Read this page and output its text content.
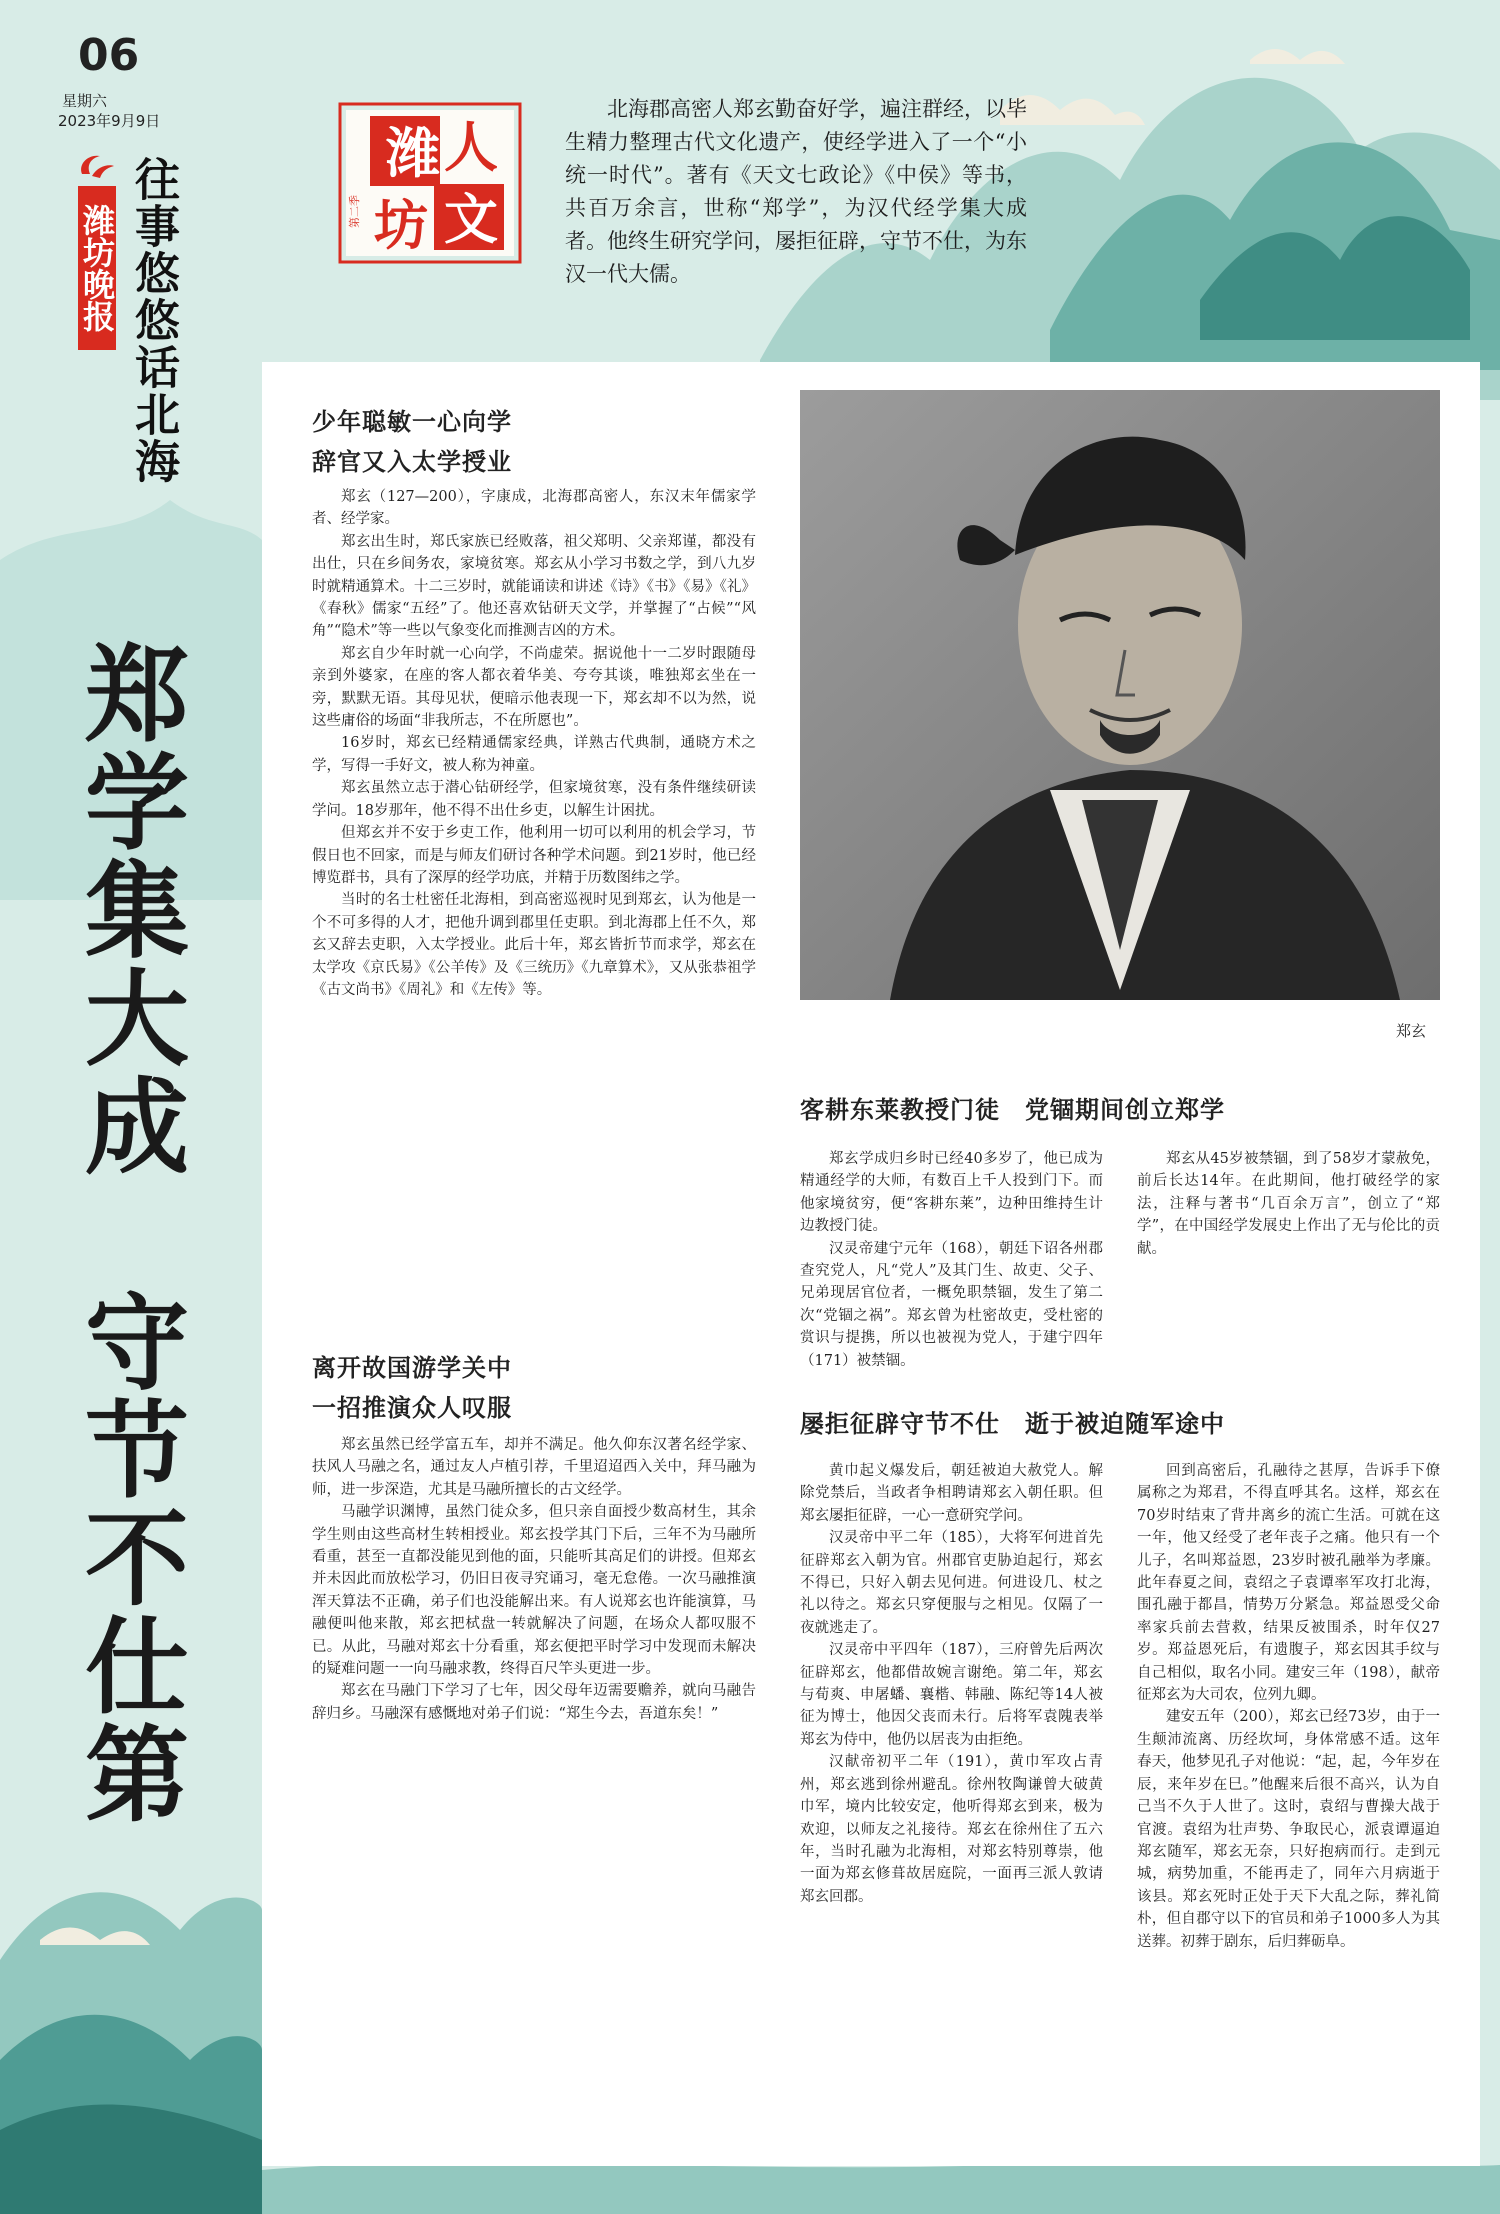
06
星期六
2023年9月9日
潍坊晚报 往事悠悠话北海
郑学集大成　守节不仕第
潍 人
坊 文
第二季
北海郡高密人郑玄勤奋好学，遍注群经，以毕生精力整理古代文化遗产，使经学进入了一个“小统一时代”。著有《天文七政论》《中侯》等书，共百万余言，世称“郑学”，为汉代经学集大成者。他终生研究学问，屡拒征辟，守节不仕，为东汉一代大儒。
少年聪敏一心向学
辞官又入太学授业

郑玄（127—200），字康成，北海郡高密人，东汉末年儒家学者、经学家。

郑玄出生时，郑氏家族已经败落，祖父郑明、父亲郑谨，都没有出仕，只在乡间务农，家境贫寒。郑玄从小学习书数之学，到八九岁时就精通算术。十二三岁时，就能诵读和讲述《诗》《书》《易》《礼》《春秋》儒家“五经”了。他还喜欢钻研天文学，并掌握了“占候”“风角”“隐术”等一些以气象变化而推测吉凶的方术。

郑玄自少年时就一心向学，不尚虚荣。据说他十一二岁时跟随母亲到外婆家，在座的客人都衣着华美、夸夸其谈，唯独郑玄坐在一旁，默默无语。其母见状，便暗示他表现一下，郑玄却不以为然，说这些庸俗的场面“非我所志，不在所愿也”。

16岁时，郑玄已经精通儒家经典，详熟古代典制，通晓方术之学，写得一手好文，被人称为神童。

郑玄虽然立志于潜心钻研经学，但家境贫寒，没有条件继续研读学问。18岁那年，他不得不出仕乡吏，以解生计困扰。

但郑玄并不安于乡吏工作，他利用一切可以利用的机会学习，节假日也不回家，而是与师友们研讨各种学术问题。到21岁时，他已经博览群书，具有了深厚的经学功底，并精于历数图纬之学。

当时的名士杜密任北海相，到高密巡视时见到郑玄，认为他是一个不可多得的人才，把他升调到郡里任吏职。到北海郡上任不久，郑玄又辞去吏职，入太学授业。此后十年，郑玄皆折节而求学，郑玄在太学攻《京氏易》《公羊传》及《三统历》《九章算术》，又从张恭祖学《古文尚书》《周礼》和《左传》等。

离开故国游学关中
一招推演众人叹服

郑玄虽然已经学富五车，却并不满足。他久仰东汉著名经学家、扶风人马融之名，通过友人卢植引荐，千里迢迢西入关中，拜马融为师，进一步深造，尤其是马融所擅长的古文经学。

马融学识渊博，虽然门徒众多，但只亲自面授少数高材生，其余学生则由这些高材生转相授业。郑玄投学其门下后，三年不为马融所看重，甚至一直都没能见到他的面，只能听其高足们的讲授。但郑玄并未因此而放松学习，仍旧日夜寻究诵习，毫无怠倦。一次马融推演浑天算法不正确，弟子们也没能解出来。有人说郑玄也许能演算，马融便叫他来散，郑玄把栻盘一转就解决了问题，在场众人都叹服不已。从此，马融对郑玄十分看重，郑玄便把平时学习中发现而未解决的疑难问题一一向马融求教，终得百尺竿头更进一步。

郑玄在马融门下学习了七年，因父母年迈需要赡养，就向马融告辞归乡。马融深有感慨地对弟子们说：“郑生今去，吾道东矣！”

郑玄
客耕东莱教授门徒　党锢期间创立郑学

郑玄学成归乡时已经40多岁了，他已成为精通经学的大师，有数百上千人投到门下。而他家境贫穷，便“客耕东莱”，边种田维持生计边教授门徒。

汉灵帝建宁元年（168），朝廷下诏各州郡查究党人，凡“党人”及其门生、故吏、父子、兄弟现居官位者，一概免职禁锢，发生了第二次“党锢之祸”。郑玄曾为杜密故吏，受杜密的赏识与提携，所以也被视为党人，于建宁四年（171）被禁锢。

郑玄从45岁被禁锢，到了58岁才蒙赦免，前后长达14年。在此期间，他打破经学的家法，注释与著书“几百余万言”，创立了“郑学”，在中国经学发展史上作出了无与伦比的贡献。

屡拒征辟守节不仕　逝于被迫随军途中

黄巾起义爆发后，朝廷被迫大赦党人。解除党禁后，当政者争相聘请郑玄入朝任职。但郑玄屡拒征辟，一心一意研究学问。

汉灵帝中平二年（185），大将军何进首先征辟郑玄入朝为官。州郡官吏胁迫起行，郑玄不得已，只好入朝去见何进。何进设几、杖之礼以待之。郑玄只穿便服与之相见。仅隔了一夜就逃走了。

汉灵帝中平四年（187），三府曾先后两次征辟郑玄，他都借故婉言谢绝。第二年，郑玄与荀爽、申屠蟠、襄楷、韩融、陈纪等14人被征为博士，他因父丧而未行。后将军袁隗表举郑玄为侍中，他仍以居丧为由拒绝。

汉献帝初平二年（191），黄巾军攻占青州，郑玄逃到徐州避乱。徐州牧陶谦曾大破黄巾军，境内比较安定，他听得郑玄到来，极为欢迎，以师友之礼接待。郑玄在徐州住了五六年，当时孔融为北海相，对郑玄特别尊崇，他一面为郑玄修葺故居庭院，一面再三派人敦请郑玄回郡。

回到高密后，孔融待之甚厚，告诉手下僚属称之为郑君，不得直呼其名。这样，郑玄在70岁时结束了背井离乡的流亡生活。可就在这一年，他又经受了老年丧子之痛。他只有一个儿子，名叫郑益恩，23岁时被孔融举为孝廉。此年春夏之间，袁绍之子袁谭率军攻打北海，围孔融于都昌，情势万分紧急。郑益恩受父命率家兵前去营救，结果反被围杀，时年仅27岁。郑益恩死后，有遗腹子，郑玄因其手纹与自己相似，取名小同。建安三年（198），献帝征郑玄为大司农，位列九卿。

建安五年（200），郑玄已经73岁，由于一生颠沛流离、历经坎坷，身体常感不适。这年春天，他梦见孔子对他说：“起，起，今年岁在辰，来年岁在巳。”他醒来后很不高兴，认为自己当不久于人世了。这时，袁绍与曹操大战于官渡。袁绍为壮声势、争取民心，派袁谭逼迫郑玄随军，郑玄无奈，只好抱病而行。走到元城，病势加重，不能再走了，同年六月病逝于该县。郑玄死时正处于天下大乱之际，葬礼简朴，但自郡守以下的官员和弟子1000多人为其送葬。初葬于剧东，后归葬砺阜。
